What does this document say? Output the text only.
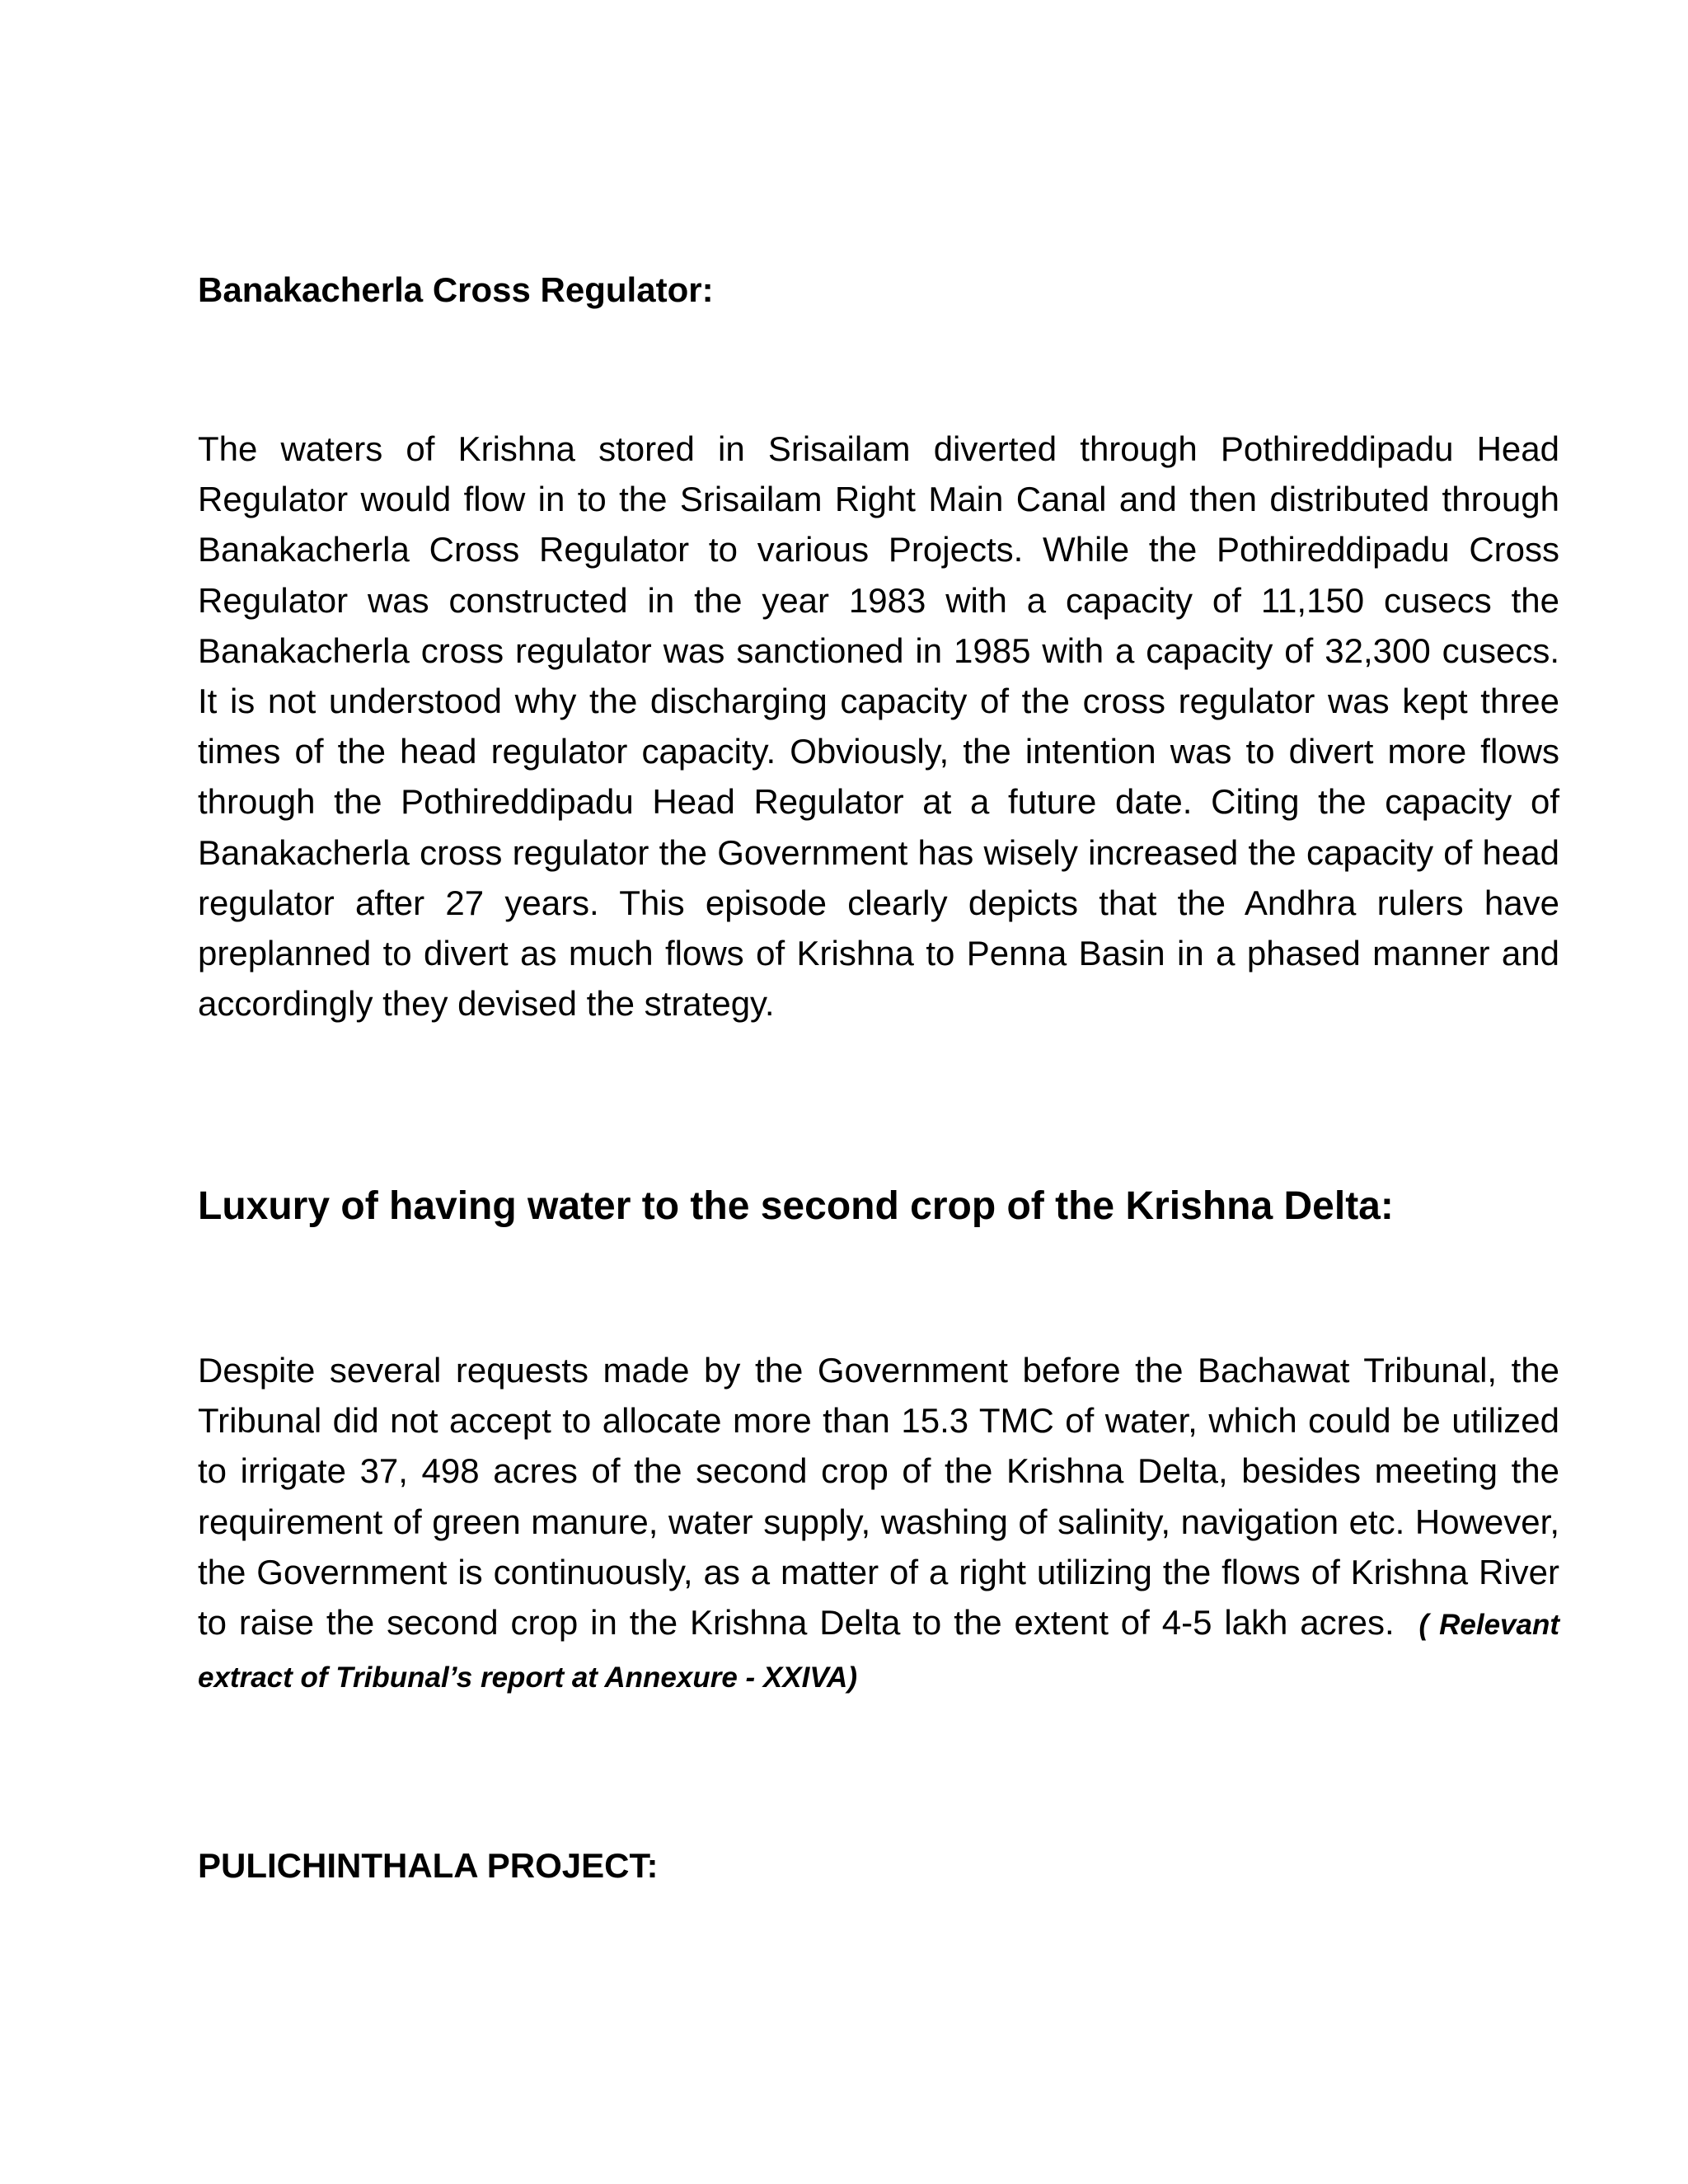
Banakacherla Cross Regulator:

The waters of Krishna stored in Srisailam diverted through Pothireddipadu Head Regulator would flow in to the Srisailam Right Main Canal and then distributed through Banakacherla Cross Regulator to various Projects. While the Pothireddipadu Cross Regulator was constructed in the year 1983 with a capacity of 11,150 cusecs the Banakacherla cross regulator was sanctioned in 1985 with a capacity of 32,300 cusecs. It is not understood why the discharging capacity of the cross regulator was kept three times of the head regulator capacity. Obviously, the intention was to divert more flows through the Pothireddipadu Head Regulator at a future date. Citing the capacity of Banakacherla cross regulator the Government has wisely increased the capacity of head regulator after 27 years. This episode clearly depicts that the Andhra rulers have preplanned to divert as much flows of Krishna to Penna Basin in a phased manner and accordingly they devised the strategy.

Luxury of having water to the second crop of the Krishna Delta:

Despite several requests made by the Government before the Bachawat Tribunal, the Tribunal did not accept to allocate more than 15.3 TMC of water, which could be utilized to irrigate 37, 498 acres of the second crop of the Krishna Delta, besides meeting the requirement of green manure, water supply, washing of salinity, navigation etc. However, the Government is continuously, as a matter of a right utilizing the flows of Krishna River to raise the second crop in the Krishna Delta to the extent of 4-5 lakh acres. ( Relevant extract of Tribunal’s report at Annexure - XXIVA)

PULICHINTHALA PROJECT:
